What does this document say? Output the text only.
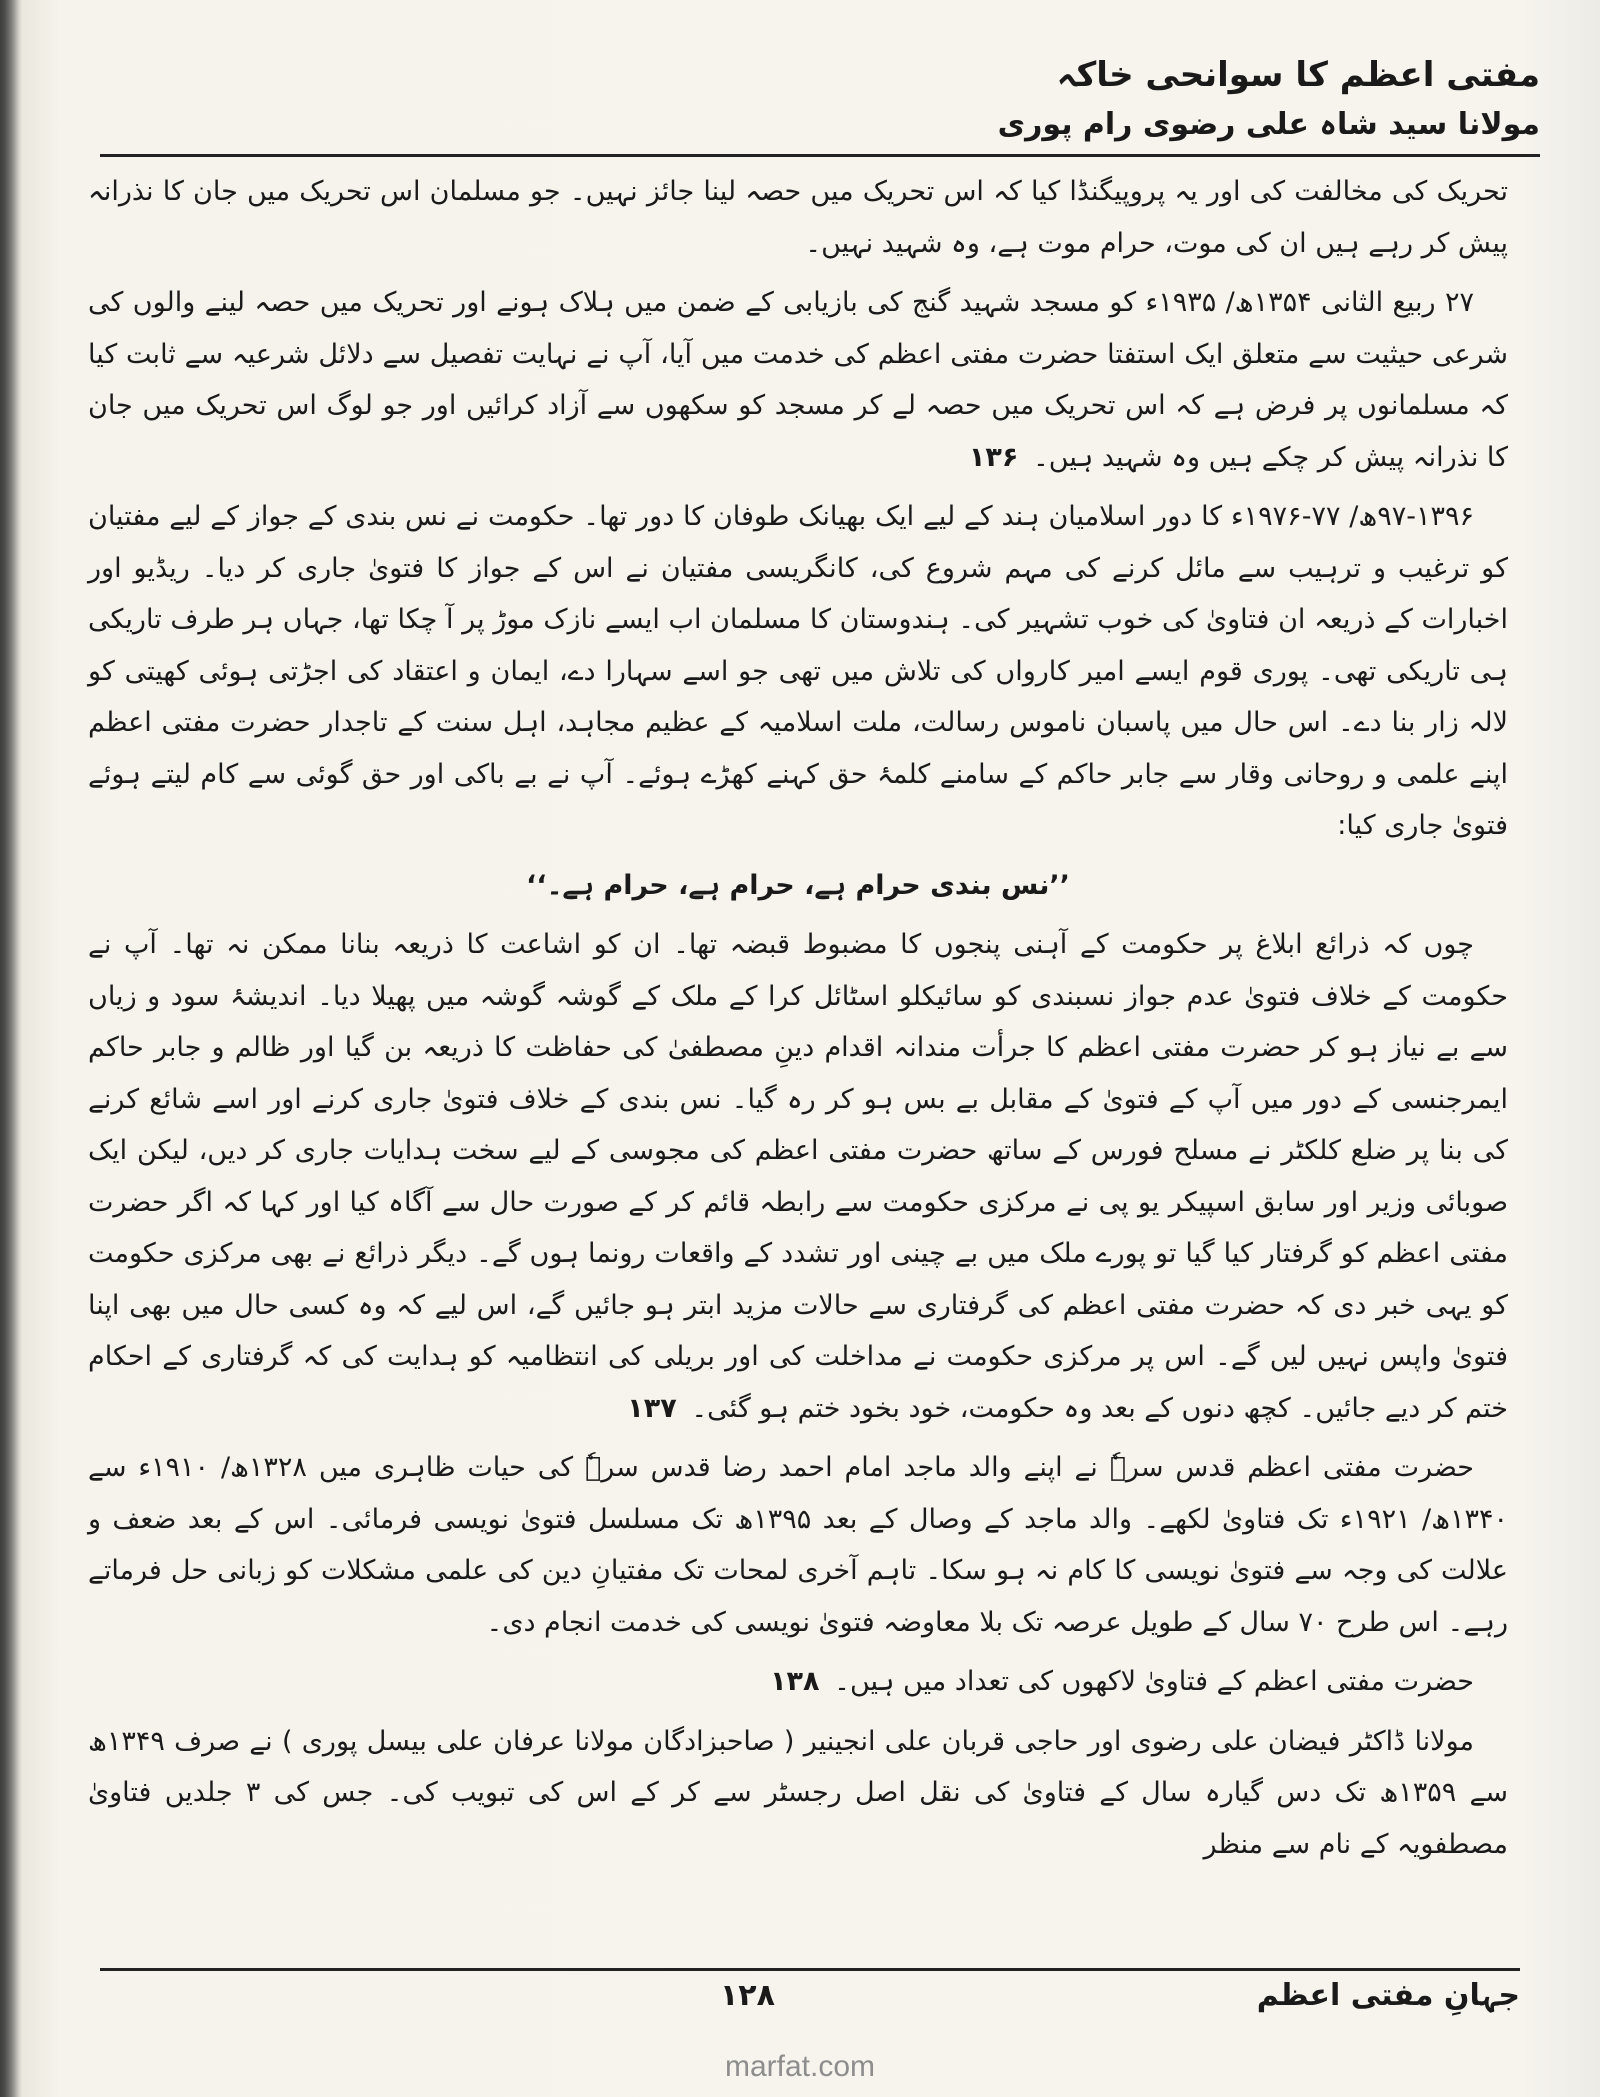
مفتی اعظم کا سوانحی خاکہ
مولانا سید شاہ علی رضوی رام پوری

تحریک کی مخالفت کی اور یہ پروپیگنڈا کیا کہ اس تحریک میں حصہ لینا جائز نہیں۔ جو مسلمان اس تحریک میں جان کا نذرانہ پیش کر رہے ہیں ان کی موت، حرام موت ہے، وہ شہید نہیں۔

۲۷ ربیع الثانی ۱۳۵۴ھ/ ۱۹۳۵ء کو مسجد شہید گنج کی بازیابی کے ضمن میں ہلاک ہونے اور تحریک میں حصہ لینے والوں کی شرعی حیثیت سے متعلق ایک استفتا حضرت مفتی اعظم کی خدمت میں آیا، آپ نے نہایت تفصیل سے دلائل شرعیہ سے ثابت کیا کہ مسلمانوں پر فرض ہے کہ اس تحریک میں حصہ لے کر مسجد کو سکھوں سے آزاد کرائیں اور جو لوگ اس تحریک میں جان کا نذرانہ پیش کر چکے ہیں وہ شہید ہیں۔ ۱۳۶

۹۷-۱۳۹۶ھ/ ۷۷-۱۹۷۶ء کا دور اسلامیان ہند کے لیے ایک بھیانک طوفان کا دور تھا۔ حکومت نے نس بندی کے جواز کے لیے مفتیان کو ترغیب و ترہیب سے مائل کرنے کی مہم شروع کی، کانگریسی مفتیان نے اس کے جواز کا فتویٰ جاری کر دیا۔ ریڈیو اور اخبارات کے ذریعہ ان فتاویٰ کی خوب تشہیر کی۔ ہندوستان کا مسلمان اب ایسے نازک موڑ پر آ چکا تھا، جہاں ہر طرف تاریکی ہی تاریکی تھی۔ پوری قوم ایسے امیر کارواں کی تلاش میں تھی جو اسے سہارا دے، ایمان و اعتقاد کی اجڑتی ہوئی کھیتی کو لالہ زار بنا دے۔ اس حال میں پاسبان ناموس رسالت، ملت اسلامیہ کے عظیم مجاہد، اہل سنت کے تاجدار حضرت مفتی اعظم اپنے علمی و روحانی وقار سے جابر حاکم کے سامنے کلمۂ حق کہنے کھڑے ہوئے۔ آپ نے بے باکی اور حق گوئی سے کام لیتے ہوئے فتویٰ جاری کیا:

’’نس بندی حرام ہے، حرام ہے، حرام ہے۔‘‘

چوں کہ ذرائع ابلاغ پر حکومت کے آہنی پنجوں کا مضبوط قبضہ تھا۔ ان کو اشاعت کا ذریعہ بنانا ممکن نہ تھا۔ آپ نے حکومت کے خلاف فتویٰ عدم جواز نسبندی کو سائیکلو اسٹائل کرا کے ملک کے گوشہ گوشہ میں پھیلا دیا۔ اندیشۂ سود و زیاں سے بے نیاز ہو کر حضرت مفتی اعظم کا جرأت مندانہ اقدام دینِ مصطفیٰ کی حفاظت کا ذریعہ بن گیا اور ظالم و جابر حاکم ایمرجنسی کے دور میں آپ کے فتویٰ کے مقابل بے بس ہو کر رہ گیا۔ نس بندی کے خلاف فتویٰ جاری کرنے اور اسے شائع کرنے کی بنا پر ضلع کلکٹر نے مسلح فورس کے ساتھ حضرت مفتی اعظم کی مجوسی کے لیے سخت ہدایات جاری کر دیں، لیکن ایک صوبائی وزیر اور سابق اسپیکر یو پی نے مرکزی حکومت سے رابطہ قائم کر کے صورت حال سے آگاہ کیا اور کہا کہ اگر حضرت مفتی اعظم کو گرفتار کیا گیا تو پورے ملک میں بے چینی اور تشدد کے واقعات رونما ہوں گے۔ دیگر ذرائع نے بھی مرکزی حکومت کو یہی خبر دی کہ حضرت مفتی اعظم کی گرفتاری سے حالات مزید ابتر ہو جائیں گے، اس لیے کہ وہ کسی حال میں بھی اپنا فتویٰ واپس نہیں لیں گے۔ اس پر مرکزی حکومت نے مداخلت کی اور بریلی کی انتظامیہ کو ہدایت کی کہ گرفتاری کے احکام ختم کر دیے جائیں۔ کچھ دنوں کے بعد وہ حکومت، خود بخود ختم ہو گئی۔ ۱۳۷

حضرت مفتی اعظم قدس سرہٗ نے اپنے والد ماجد امام احمد رضا قدس سرہٗ کی حیات ظاہری میں ۱۳۲۸ھ/ ۱۹۱۰ء سے ۱۳۴۰ھ/ ۱۹۲۱ء تک فتاویٰ لکھے۔ والد ماجد کے وصال کے بعد ۱۳۹۵ھ تک مسلسل فتویٰ نویسی فرمائی۔ اس کے بعد ضعف و علالت کی وجہ سے فتویٰ نویسی کا کام نہ ہو سکا۔ تاہم آخری لمحات تک مفتیانِ دین کی علمی مشکلات کو زبانی حل فرماتے رہے۔ اس طرح ۷۰ سال کے طویل عرصہ تک بلا معاوضہ فتویٰ نویسی کی خدمت انجام دی۔

حضرت مفتی اعظم کے فتاویٰ لاکھوں کی تعداد میں ہیں۔ ۱۳۸

مولانا ڈاکٹر فیضان علی رضوی اور حاجی قربان علی انجینیر ( صاحبزادگان مولانا عرفان علی بیسل پوری ) نے صرف ۱۳۴۹ھ سے ۱۳۵۹ھ تک دس گیارہ سال کے فتاویٰ کی نقل اصل رجسٹر سے کر کے اس کی تبویب کی۔ جس کی ۳ جلدیں فتاویٰ مصطفویہ کے نام سے منظر

جہانِ مفتی اعظم
۱۲۸
marfat.com
